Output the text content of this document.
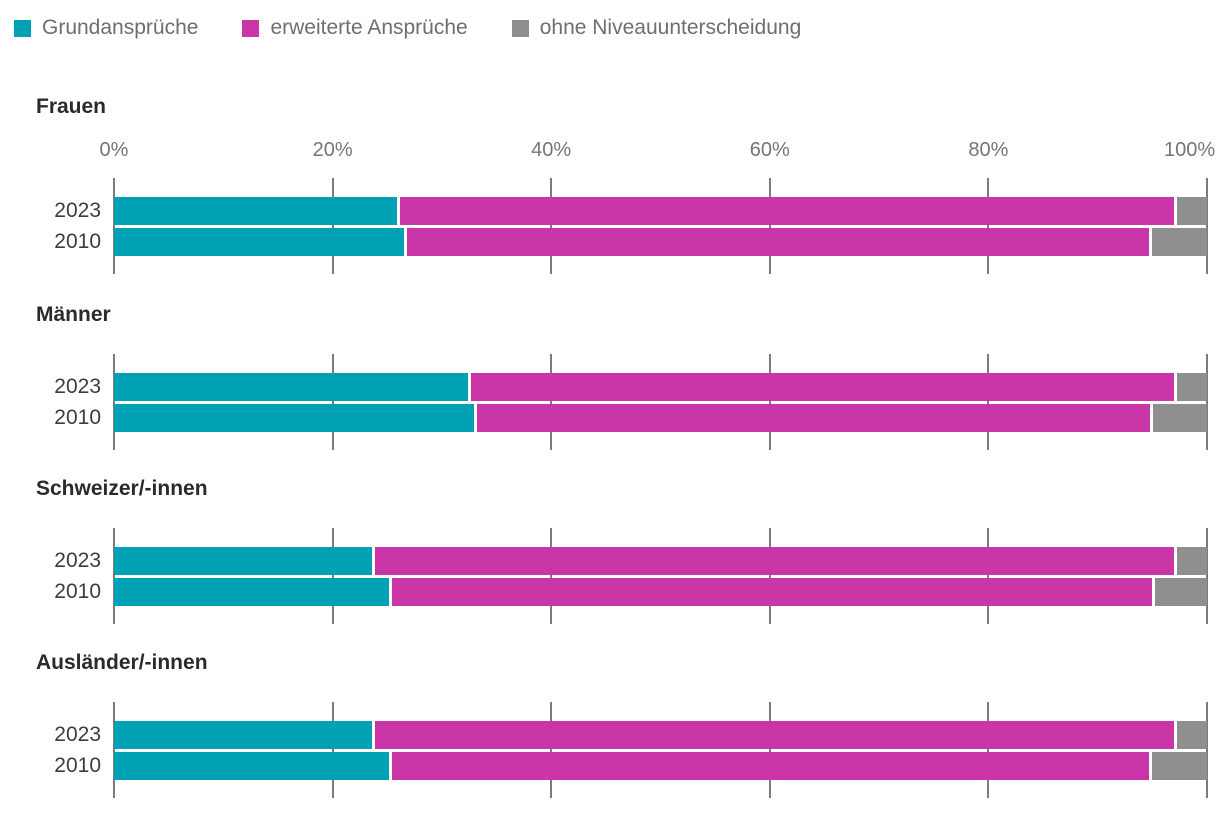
Grundansprüche	erweiterte Ansprüche	ohne Niveauunterscheidung
Frauen
0%	20%	40%	60%	80%	100%
2023
2010
Männer
2023
2010
Schweizer/-innen
2023
2010
Ausländer/-innen
2023
2010
